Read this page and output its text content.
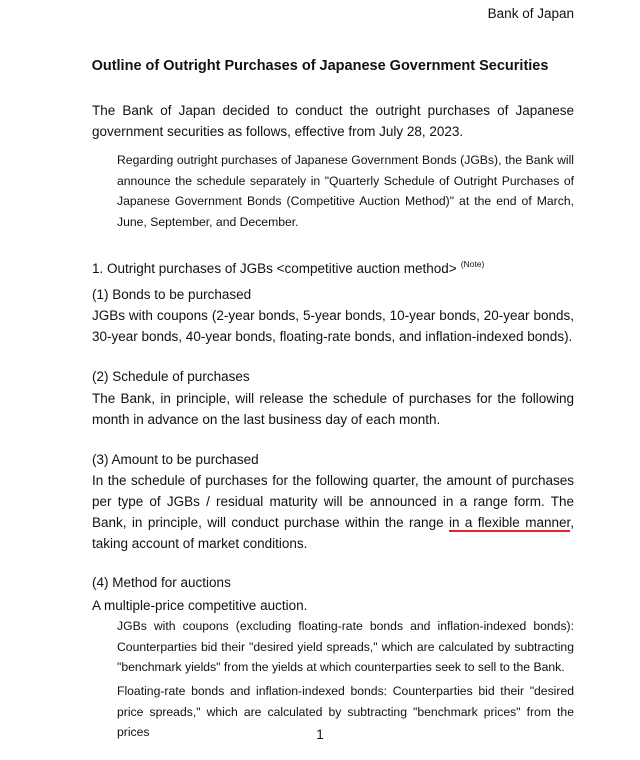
Bank of Japan
Outline of Outright Purchases of Japanese Government Securities
The Bank of Japan decided to conduct the outright purchases of Japanese government securities as follows, effective from July 28, 2023.
Regarding outright purchases of Japanese Government Bonds (JGBs), the Bank will announce the schedule separately in "Quarterly Schedule of Outright Purchases of Japanese Government Bonds (Competitive Auction Method)" at the end of March, June, September, and December.
1. Outright purchases of JGBs <competitive auction method> $^{(Note)}$
(1) Bonds to be purchased
JGBs with coupons (2-year bonds, 5-year bonds, 10-year bonds, 20-year bonds, 30-year bonds, 40-year bonds, floating-rate bonds, and inflation-indexed bonds).
(2) Schedule of purchases
The Bank, in principle, will release the schedule of purchases for the following month in advance on the last business day of each month.
(3) Amount to be purchased
In the schedule of purchases for the following quarter, the amount of purchases per type of JGBs / residual maturity will be announced in a range form. The Bank, in principle, will conduct purchase within the range in a flexible manner, taking account of market conditions.
(4) Method for auctions
A multiple-price competitive auction.
JGBs with coupons (excluding floating-rate bonds and inflation-indexed bonds): Counterparties bid their "desired yield spreads," which are calculated by subtracting "benchmark yields" from the yields at which counterparties seek to sell to the Bank.
Floating-rate bonds and inflation-indexed bonds: Counterparties bid their "desired price spreads," which are calculated by subtracting "benchmark prices" from the prices	1
